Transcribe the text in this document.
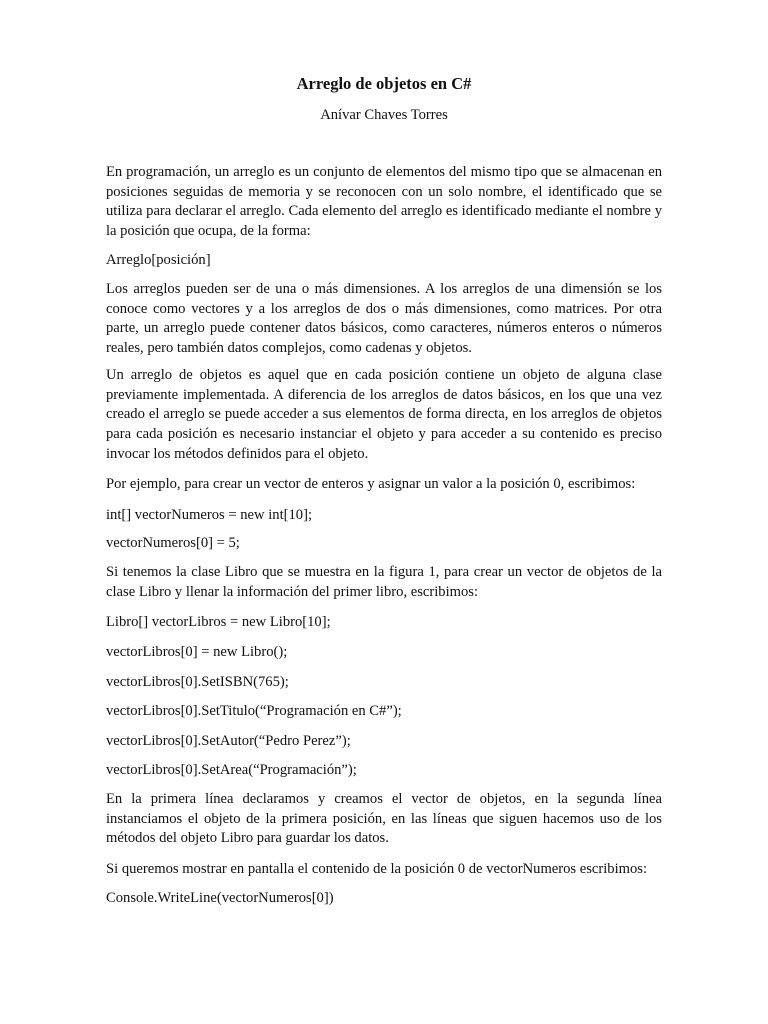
Arreglo de objetos en C#

Anívar Chaves Torres

En programación, un arreglo es un conjunto de elementos del mismo tipo que se almacenan en posiciones seguidas de memoria y se reconocen con un solo nombre, el identificado que se utiliza para declarar el arreglo. Cada elemento del arreglo es identificado mediante el nombre y la posición que ocupa, de la forma:

Arreglo[posición]

Los arreglos pueden ser de una o más dimensiones. A los arreglos de una dimensión se los conoce como vectores y a los arreglos de dos o más dimensiones, como matrices. Por otra parte, un arreglo puede contener datos básicos, como caracteres, números enteros o números reales, pero también datos complejos, como cadenas y objetos.

Un arreglo de objetos es aquel que en cada posición contiene un objeto de alguna clase previamente implementada. A diferencia de los arreglos de datos básicos, en los que una vez creado el arreglo se puede acceder a sus elementos de forma directa, en los arreglos de objetos para cada posición es necesario instanciar el objeto y para acceder a su contenido es preciso invocar los métodos definidos para el objeto.

Por ejemplo, para crear un vector de enteros y asignar un valor a la posición 0, escribimos:

int[] vectorNumeros = new int[10];

vectorNumeros[0] = 5;

Si tenemos la clase Libro que se muestra en la figura 1, para crear un vector de objetos de la clase Libro y llenar la información del primer libro, escribimos:

Libro[] vectorLibros = new Libro[10];

vectorLibros[0] = new Libro();

vectorLibros[0].SetISBN(765);

vectorLibros[0].SetTitulo(“Programación en C#”);

vectorLibros[0].SetAutor(“Pedro Perez”);

vectorLibros[0].SetArea(“Programación”);

En la primera línea declaramos y creamos el vector de objetos, en la segunda línea instanciamos el objeto de la primera posición, en las líneas que siguen hacemos uso de los métodos del objeto Libro para guardar los datos.

Si queremos mostrar en pantalla el contenido de la posición 0 de vectorNumeros escribimos:

Console.WriteLine(vectorNumeros[0])
